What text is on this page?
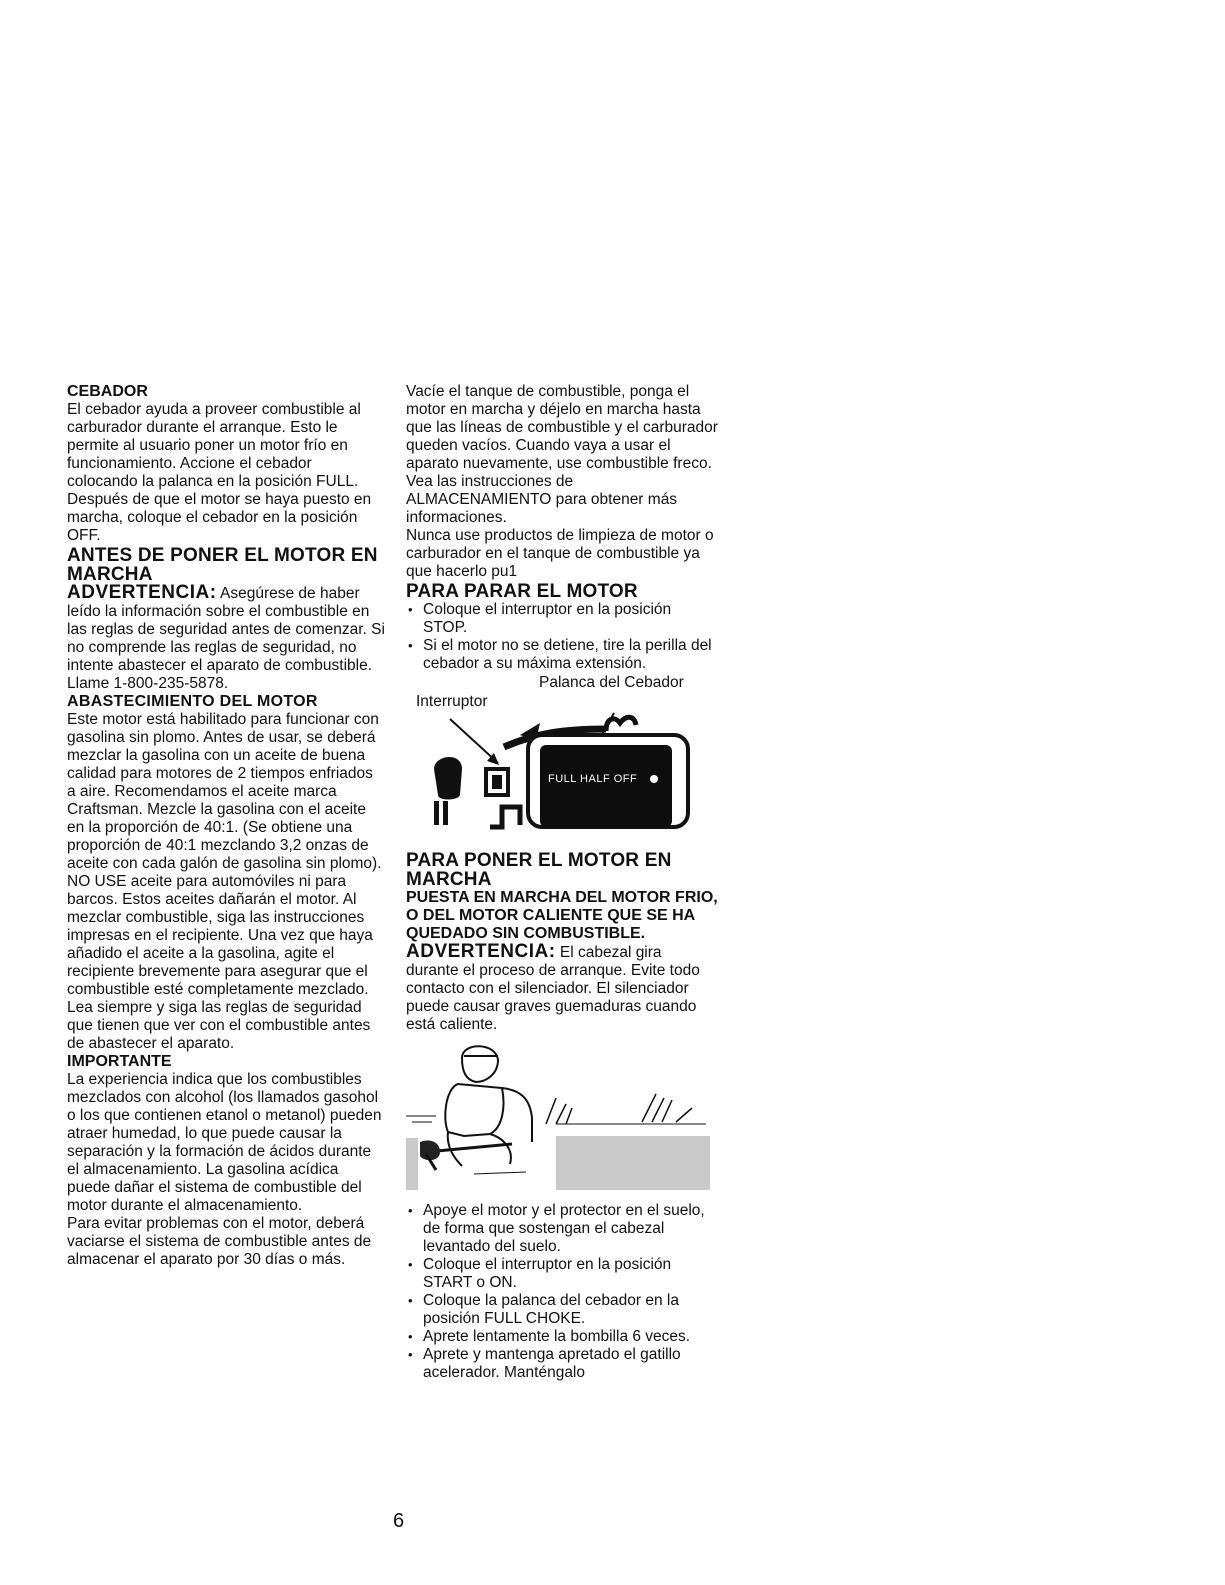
CEBADOR

El cebador ayuda a proveer combustible al carburador durante el arranque. Esto le permite al usuario poner un motor frío en funcionamiento. Accione el cebador colocando la palanca en la posición FULL. Después de que el motor se haya puesto en marcha, coloque el cebador en la posición OFF.

ANTES DE PONER EL MOTOR EN MARCHA

ADVERTENCIA: Asegúrese de haber leído la información sobre el combustible en las reglas de seguridad antes de comenzar. Si no comprende las reglas de seguridad, no intente abastecer el aparato de combustible. Llame 1-800-235-5878.

ABASTECIMIENTO DEL MOTOR

Este motor está habilitado para funcionar con gasolina sin plomo. Antes de usar, se deberá mezclar la gasolina con un aceite de buena calidad para motores de 2 tiempos enfriados a aire. Recomendamos el aceite marca Craftsman. Mezcle la gasolina con el aceite en la proporción de 40:1. (Se obtiene una proporción de 40:1 mezclando 3,2 onzas de aceite con cada galón de gasolina sin plomo). NO USE aceite para automóviles ni para barcos. Estos aceites dañarán el motor. Al mezclar combustible, siga las instrucciones impresas en el recipiente. Una vez que haya añadido el aceite a la gasolina, agite el recipiente brevemente para asegurar que el combustible esté completamente mezclado. Lea siempre y siga las reglas de seguridad que tienen que ver con el combustible antes de abastecer el aparato.

IMPORTANTE

La experiencia indica que los combustibles mezclados con alcohol (los llamados gasohol o los que contienen etanol o metanol) pueden atraer humedad, lo que puede causar la separación y la formación de ácidos durante el almacenamiento. La gasolina acídica puede dañar el sistema de combustible del motor durante el almacenamiento.

Para evitar problemas con el motor, deberá vaciarse el sistema de combustible antes de almacenar el aparato por 30 días o más.

Vacíe el tanque de combustible, ponga el motor en marcha y déjelo en marcha hasta que las líneas de combustible y el carburador queden vacíos. Cuando vaya a usar el aparato nuevamente, use combustible freco. Vea las instrucciones de ALMACENAMIENTO para obtener más informaciones.

Nunca use productos de limpieza de motor o carburador en el tanque de combustible ya que hacerlo pu1

PARA PARAR EL MOTOR

• Coloque el interruptor en la posición STOP.
• Si el motor no se detiene, tire la perilla del cebador a su máxima extensión.
Palanca del Cebador
Interruptor
FULL HALF OFF

PARA PONER EL MOTOR EN MARCHA

PUESTA EN MARCHA DEL MOTOR FRIO, O DEL MOTOR CALIENTE QUE SE HA QUEDADO SIN COMBUSTIBLE.

ADVERTENCIA: El cabezal gira durante el proceso de arranque. Evite todo contacto con el silenciador. El silenciador puede causar graves guemaduras cuando está caliente.

• Apoye el motor y el protector en el suelo, de forma que sostengan el cabezal levantado del suelo.
• Coloque el interruptor en la posición START o ON.
• Coloque la palanca del cebador en la posición FULL CHOKE.
• Aprete lentamente la bombilla 6 veces.
• Aprete y mantenga apretado el gatillo acelerador. Manténgalo
6
